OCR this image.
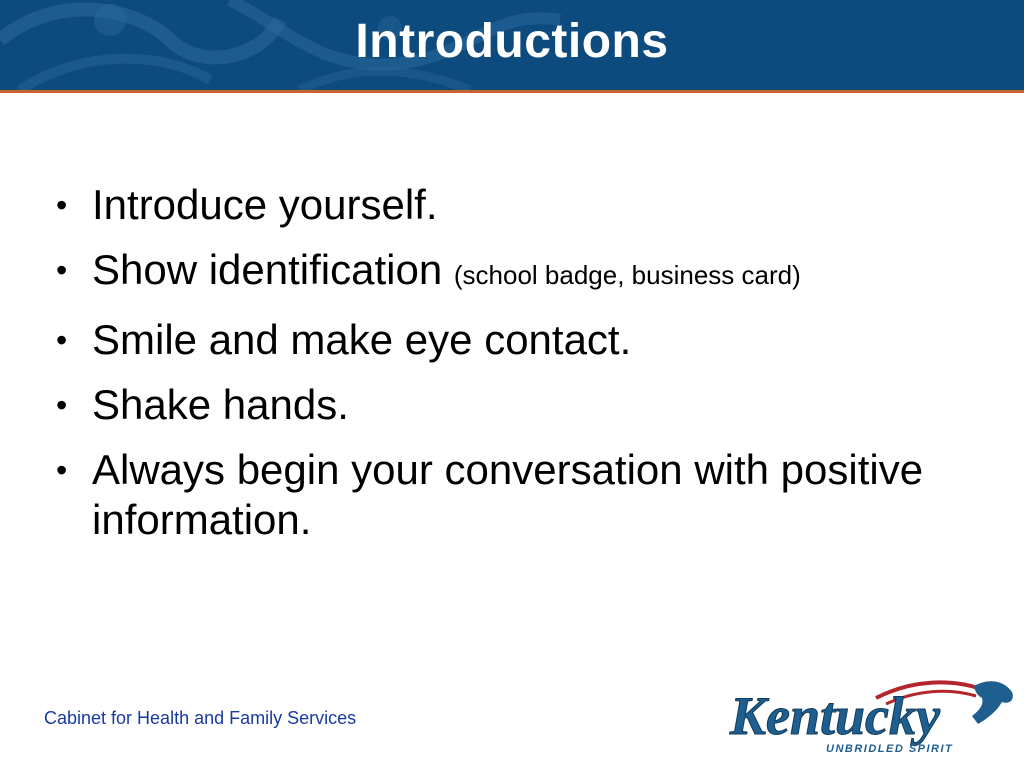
Introductions
• Introduce yourself.
• Show identification (school badge, business card)
• Smile and make eye contact.
• Shake hands.
• Always begin your conversation with positive information.
Cabinet for Health and Family Services	Kentucky
UNBRIDLED SPIRIT
